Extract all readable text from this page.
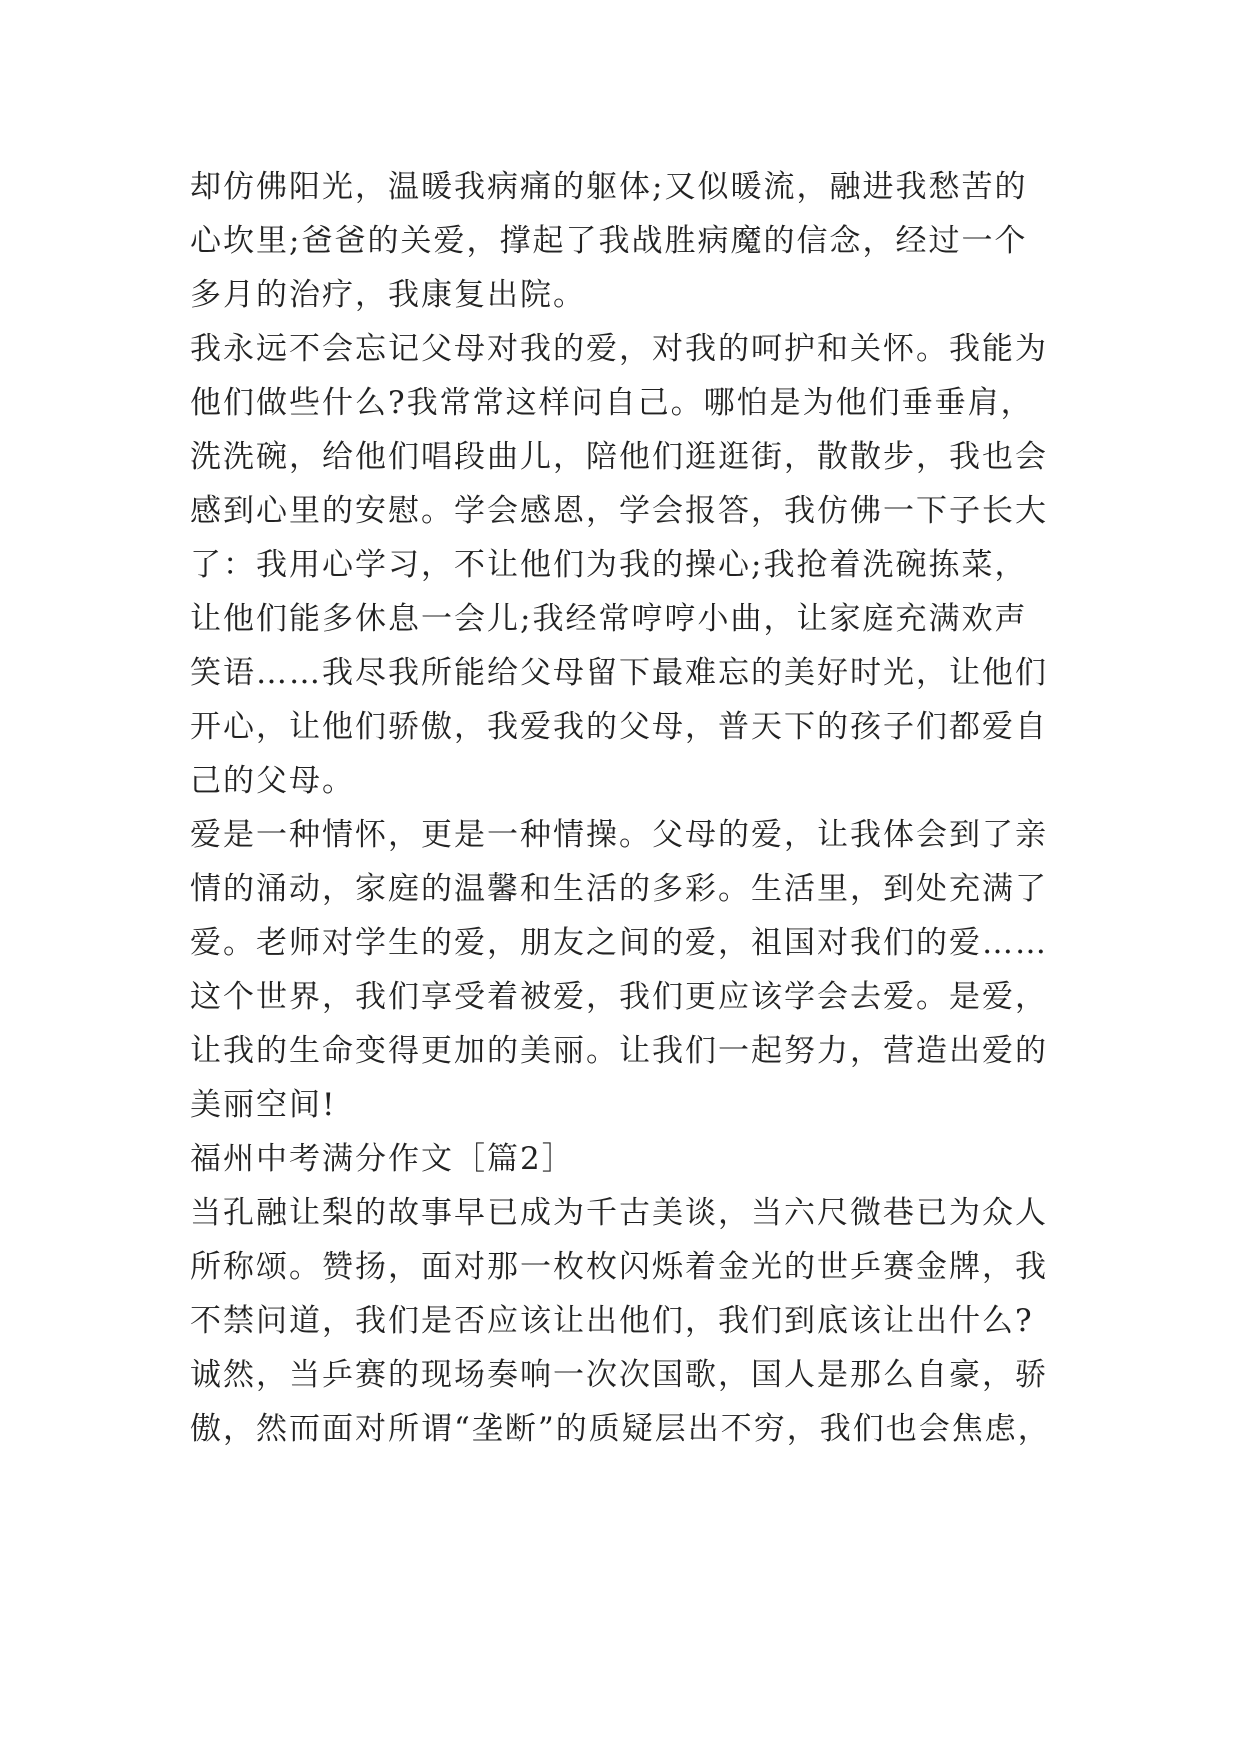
却仿佛阳光，温暖我病痛的躯体;又似暖流，融进我愁苦的
心坎里;爸爸的关爱，撑起了我战胜病魔的信念，经过一个
多月的治疗，我康复出院。
我永远不会忘记父母对我的爱，对我的呵护和关怀。我能为
他们做些什么?我常常这样问自己。哪怕是为他们垂垂肩，
洗洗碗，给他们唱段曲儿，陪他们逛逛街，散散步，我也会
感到心里的安慰。学会感恩，学会报答，我仿佛一下子长大
了：我用心学习，不让他们为我的操心;我抢着洗碗拣菜，
让他们能多休息一会儿;我经常哼哼小曲，让家庭充满欢声
笑语……我尽我所能给父母留下最难忘的美好时光，让他们
开心，让他们骄傲，我爱我的父母，普天下的孩子们都爱自
己的父母。
爱是一种情怀，更是一种情操。父母的爱，让我体会到了亲
情的涌动，家庭的温馨和生活的多彩。生活里，到处充满了
爱。老师对学生的爱，朋友之间的爱，祖国对我们的爱……
这个世界，我们享受着被爱，我们更应该学会去爱。是爱，
让我的生命变得更加的美丽。让我们一起努力，营造出爱的
美丽空间!
福州中考满分作文［篇2］
当孔融让梨的故事早已成为千古美谈，当六尺微巷已为众人
所称颂。赞扬，面对那一枚枚闪烁着金光的世乒赛金牌，我
不禁问道，我们是否应该让出他们，我们到底该让出什么?
诚然，当乒赛的现场奏响一次次国歌，国人是那么自豪，骄
傲，然而面对所谓“垄断”的质疑层出不穷，我们也会焦虑，
